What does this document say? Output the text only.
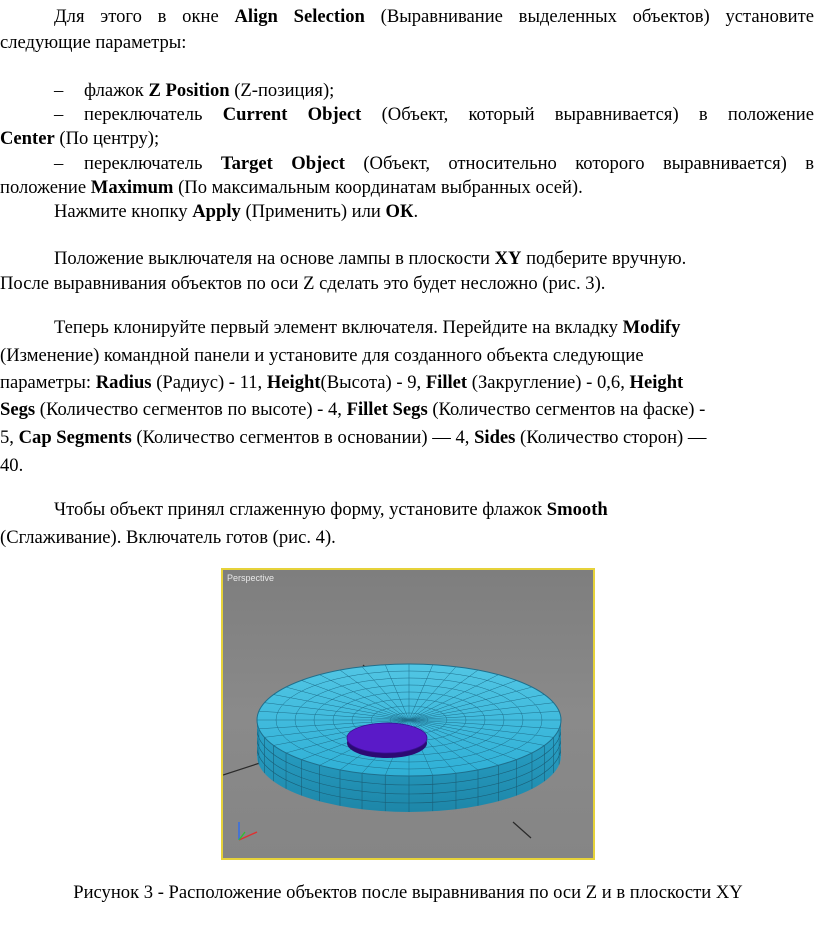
Для этого в окне Align Selection (Выравнивание выделенных объектов) установите
следующие параметры:
– флажок Z Position (Z-позиция);
– переключатель Current Object (Объект, который выравнивается) в положение
Center (По центру);
– переключатель Target Object (Объект, относительно которого выравнивается) в
положение Maximum (По максимальным координатам выбранных осей).
Нажмите кнопку Apply (Применить) или ОК.
Положение выключателя на основе лампы в плоскости XY подберите вручную.
После выравнивания объектов по оси Z сделать это будет несложно (рис. 3).
Теперь клонируйте первый элемент включателя. Перейдите на вкладку Modify
(Изменение) командной панели и установите для созданного объекта следующие
параметры: Radius (Радиус) - 11, Height(Высота) - 9, Fillet (Закругление) - 0,6, Height
Segs (Количество сегментов по высоте) - 4, Fillet Segs (Количество сегментов на фаске) -
5, Cap Segments (Количество сегментов в основании) — 4, Sides (Количество сторон) —
40.
Чтобы объект принял сглаженную форму, установите флажок Smooth
(Сглаживание). Включатель готов (рис. 4).
Perspective
Рисунок 3 - Расположение объектов после выравнивания по оси Z и в плоскости XY
